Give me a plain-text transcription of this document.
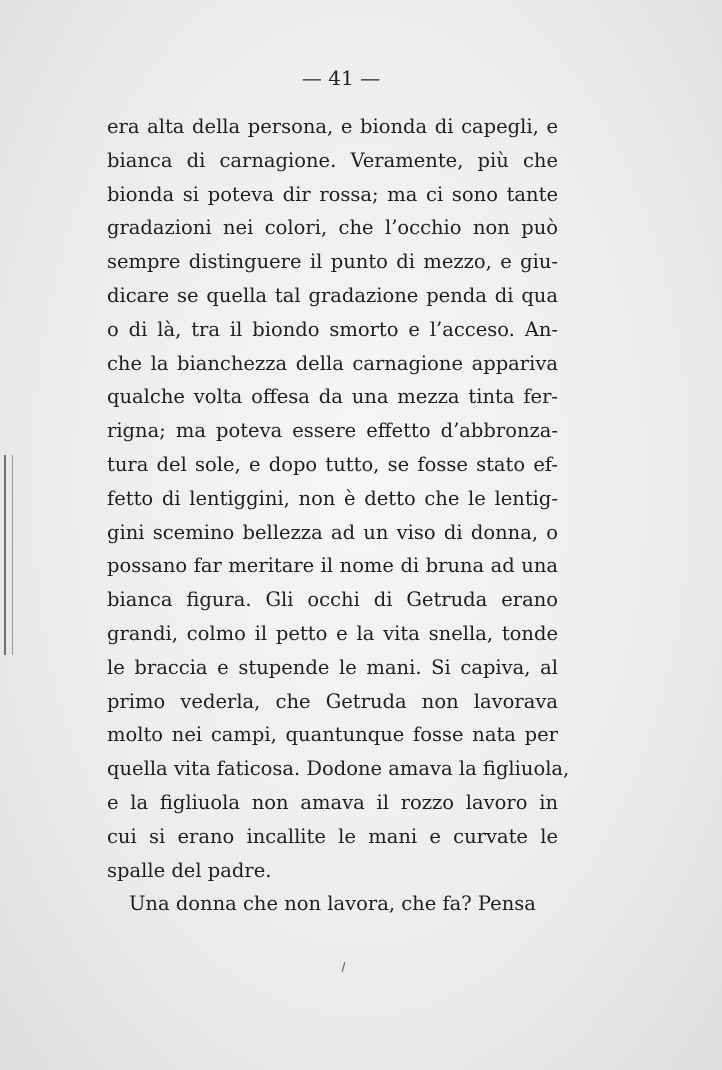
— 41 —
era alta della persona, e bionda di capegli, e
bianca di carnagione. Veramente, più che
bionda si poteva dir rossa; ma ci sono tante
gradazioni nei colori, che l’occhio non può
sempre distinguere il punto di mezzo, e giu-
dicare se quella tal gradazione penda di qua
o di là, tra il biondo smorto e l’acceso. An-
che la bianchezza della carnagione appariva
qualche volta offesa da una mezza tinta fer-
rigna; ma poteva essere effetto d’abbronza-
tura del sole, e dopo tutto, se fosse stato ef-
fetto di lentiggini, non è detto che le lentig-
gini scemino bellezza ad un viso di donna, o
possano far meritare il nome di bruna ad una
bianca figura. Gli occhi di Getruda erano
grandi, colmo il petto e la vita snella, tonde
le braccia e stupende le mani. Si capiva, al
primo vederla, che Getruda non lavorava
molto nei campi, quantunque fosse nata per
quella vita faticosa. Dodone amava la figliuola,
e la figliuola non amava il rozzo lavoro in
cui si erano incallite le mani e curvate le
spalle del padre.
Una donna che non lavora, che fa? Pensa
